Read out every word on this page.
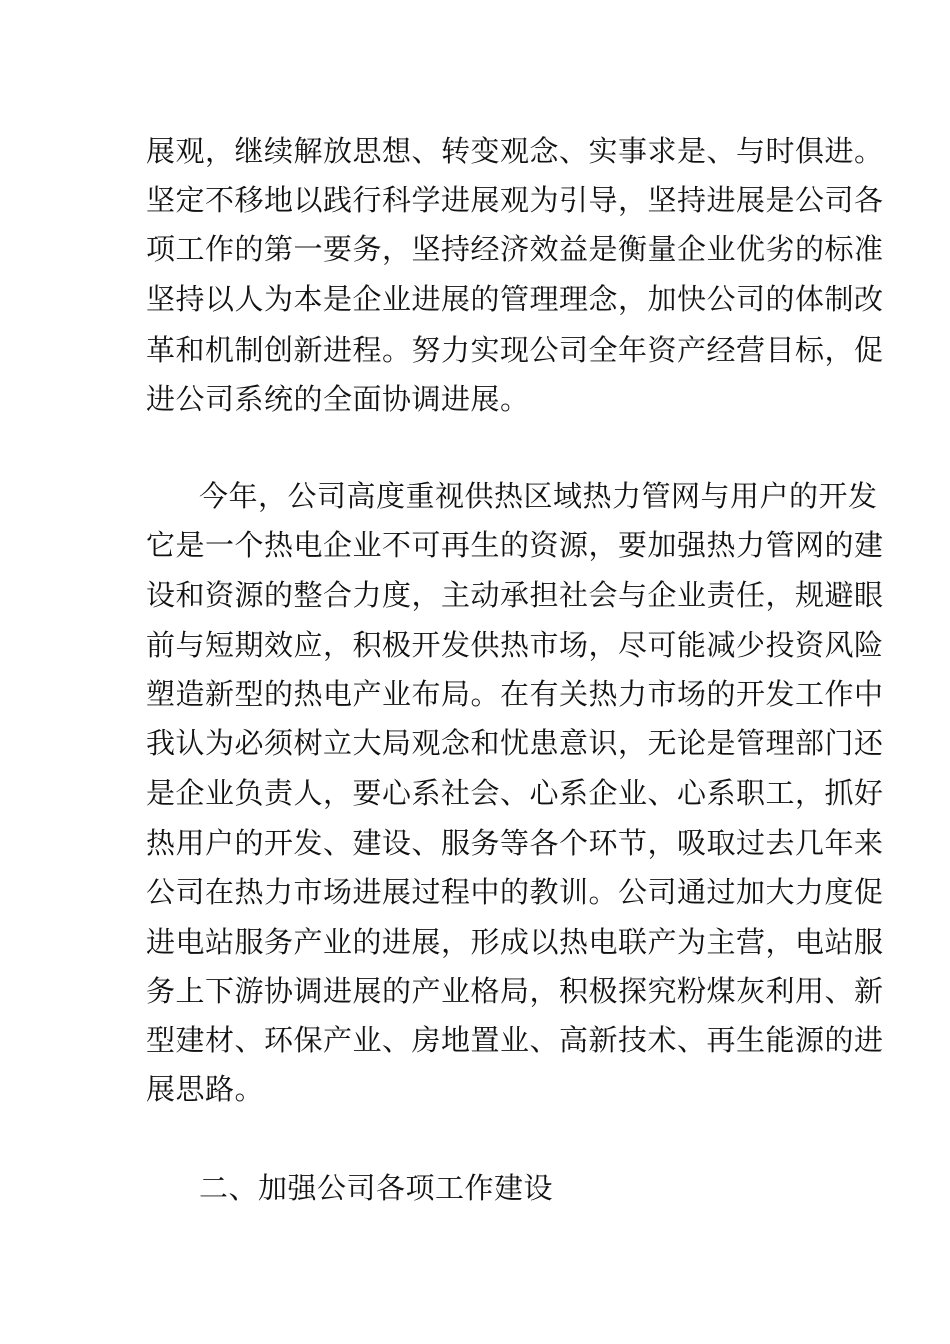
展观，继续解放思想、转变观念、实事求是、与时俱进。
坚定不移地以践行科学进展观为引导，坚持进展是公司各
项工作的第一要务，坚持经济效益是衡量企业优劣的标准
坚持以人为本是企业进展的管理理念，加快公司的体制改
革和机制创新进程。努力实现公司全年资产经营目标，促
进公司系统的全面协调进展。
今年，公司高度重视供热区域热力管网与用户的开发
它是一个热电企业不可再生的资源，要加强热力管网的建
设和资源的整合力度，主动承担社会与企业责任，规避眼
前与短期效应，积极开发供热市场，尽可能减少投资风险
塑造新型的热电产业布局。在有关热力市场的开发工作中
我认为必须树立大局观念和忧患意识，无论是管理部门还
是企业负责人，要心系社会、心系企业、心系职工，抓好
热用户的开发、建设、服务等各个环节，吸取过去几年来
公司在热力市场进展过程中的教训。公司通过加大力度促
进电站服务产业的进展，形成以热电联产为主营，电站服
务上下游协调进展的产业格局，积极探究粉煤灰利用、新
型建材、环保产业、房地置业、高新技术、再生能源的进
展思路。
二、加强公司各项工作建设
